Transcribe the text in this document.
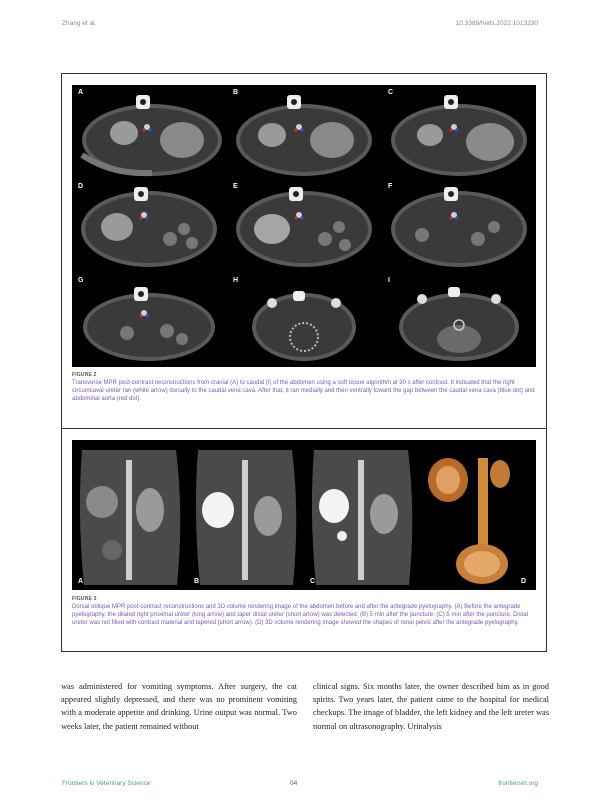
Zhang et al.	10.3389/fvets.2022.1013230
A	B	C
D	E	F
G	H	I
FIGURE 2
Transverse MPR post-contrast reconstructions from cranial (A) to caudal (I) of the abdomen using a soft tissue algorithm at 30 s after contrast. It indicated that the right circumcaval ureter ran (white arrow) dorsally to the caudal vena cava. After that, it ran medially and then ventrally toward the gap between the caudal vena cava (blue dot) and abdominal aorta (red dot).
A	B	C	D
FIGURE 3
Dorsal oblique MPR post-contrast reconstructions and 3D volume rendering image of the abdomen before and after the antegrade pyelography. (A) Before the antegrade pyelography, the dilated right proximal ureter (long arrow) and taper distal ureter (short arrow) was detected. (B) 5 min after the puncture. (C) 5 min after the puncture. Distal ureter was not filled with contrast material and tapered (short arrow). (D) 3D volume rendering image showed the shapes of renal pelvis after the antegrade pyelography.
was administered for vomiting symptoms. After surgery, the cat appeared slightly depressed, and there was no prominent vomiting with a moderate appetite and drinking. Urine output was normal. Two weeks later, the patient remained without
clinical signs. Six months later, the owner described him as in good spirits. Two years later, the patient came to the hospital for medical checkups. The image of bladder, the left kidney and the left ureter was normal on ultrasonography. Urinalysis
Frontiers in Veterinary Science	04	frontiersin.org
